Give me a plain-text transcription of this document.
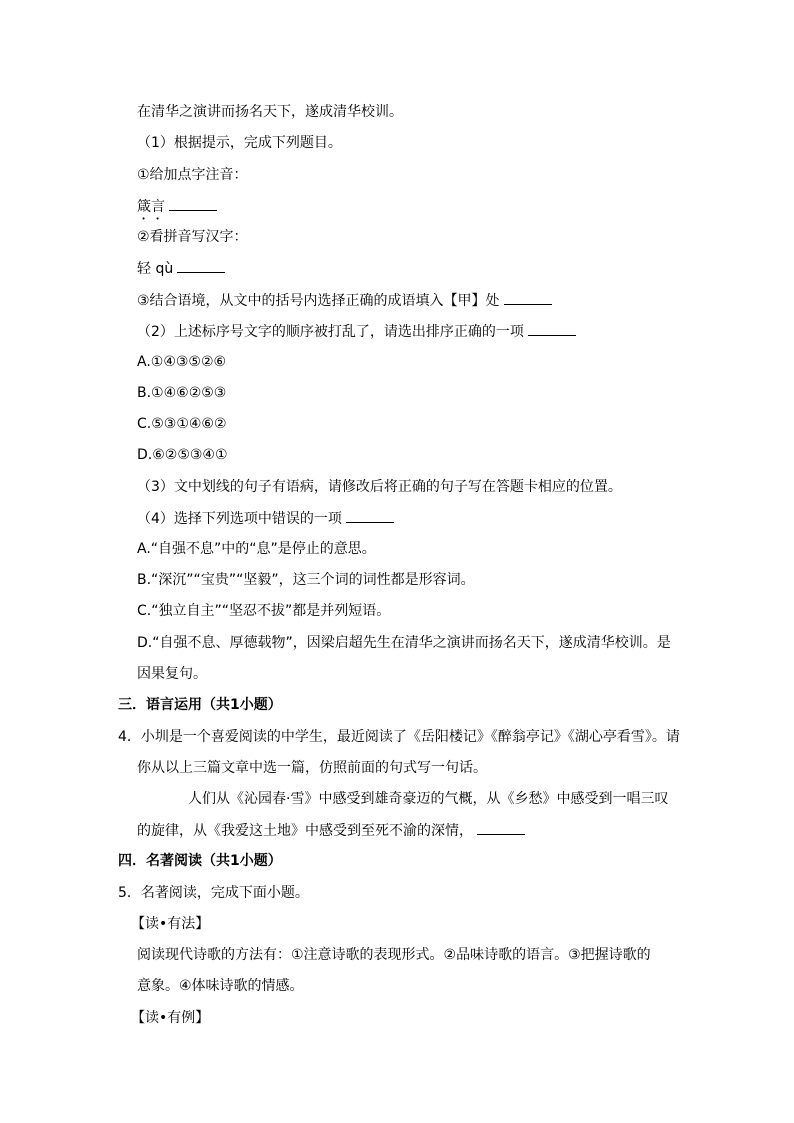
在清华之演讲而扬名天下，遂成清华校训。
（1）根据提示，完成下列题目。
①给加点字注音：
箴言
②看拼音写汉字：
轻 qù
③结合语境，从文中的括号内选择正确的成语填入【甲】处
（2）上述标序号文字的顺序被打乱了，请选出排序正确的一项
A.①④③⑤②⑥
B.①④⑥②⑤③
C.⑤③①④⑥②
D.⑥②⑤③④①
（3）文中划线的句子有语病，请修改后将正确的句子写在答题卡相应的位置。
（4）选择下列选项中错误的一项
A.“自强不息”中的“息”是停止的意思。
B.“深沉”“宝贵”“坚毅”，这三个词的词性都是形容词。
C.“独立自主”“坚忍不拔”都是并列短语。
D.“自强不息、厚德载物”，因梁启超先生在清华之演讲而扬名天下，遂成清华校训。是
因果复句。
三．语言运用（共1小题）
4．小圳是一个喜爱阅读的中学生，最近阅读了《岳阳楼记》《醉翁亭记》《湖心亭看雪》。请
你从以上三篇文章中选一篇，仿照前面的句式写一句话。
人们从《沁园春·雪》中感受到雄奇豪迈的气概，从《乡愁》中感受到一唱三叹
的旋律，从《我爱这土地》中感受到至死不渝的深情，
四．名著阅读（共1小题）
5．名著阅读，完成下面小题。
【读•有法】
阅读现代诗歌的方法有：①注意诗歌的表现形式。②品味诗歌的语言。③把握诗歌的
意象。④体味诗歌的情感。
【读•有例】
